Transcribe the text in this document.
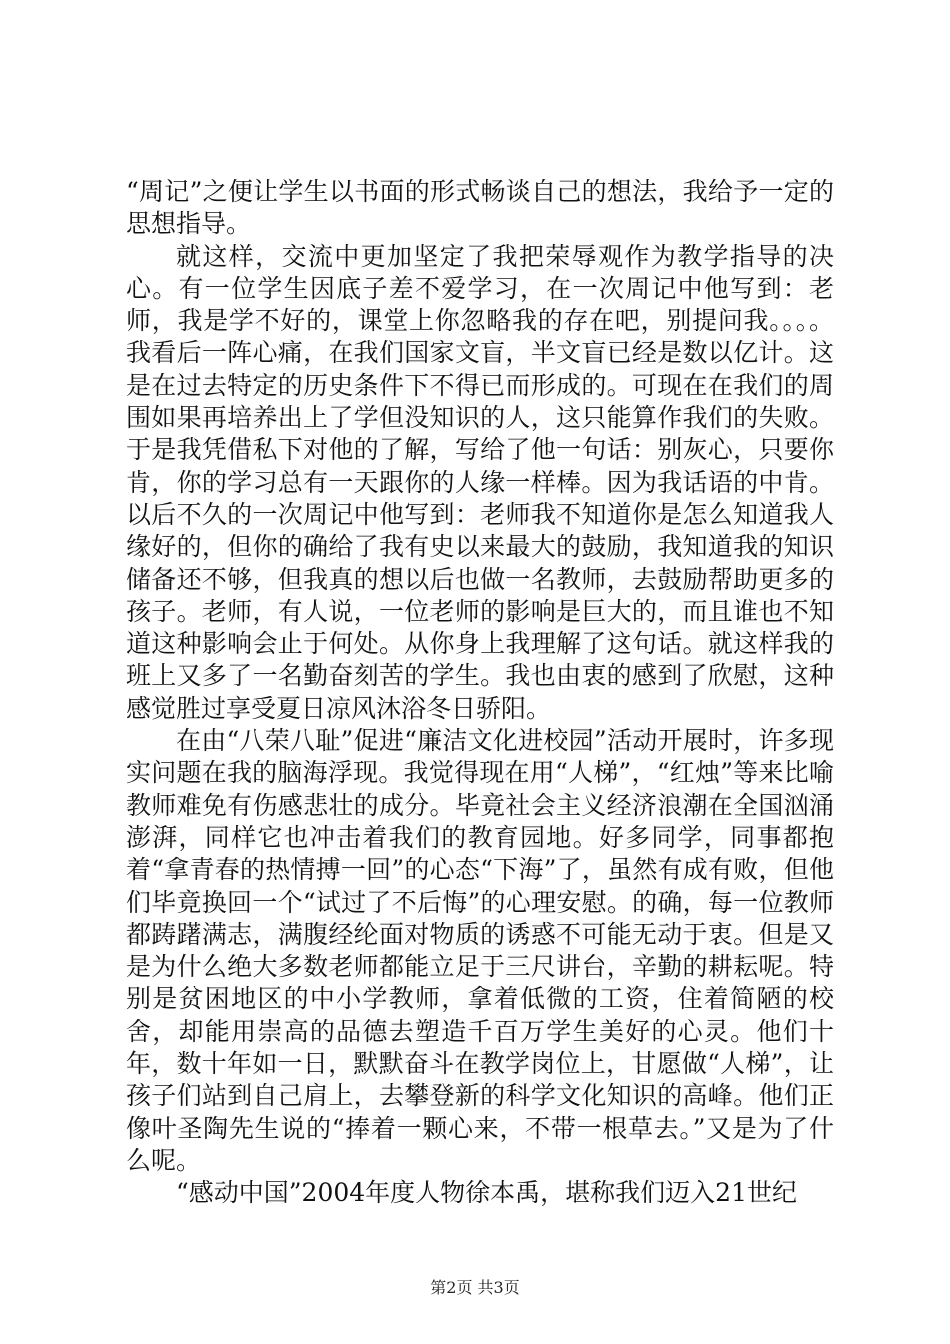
“周记”之便让学生以书面的形式畅谈自己的想法，我给予一定的思想指导。

就这样，交流中更加坚定了我把荣辱观作为教学指导的决心。有一位学生因底子差不爱学习，在一次周记中他写到：老师，我是学不好的，课堂上你忽略我的存在吧，别提问我。。。。我看后一阵心痛，在我们国家文盲，半文盲已经是数以亿计。这是在过去特定的历史条件下不得已而形成的。可现在在我们的周围如果再培养出上了学但没知识的人，这只能算作我们的失败。于是我凭借私下对他的了解，写给了他一句话：别灰心，只要你肯，你的学习总有一天跟你的人缘一样棒。因为我话语的中肯。以后不久的一次周记中他写到：老师我不知道你是怎么知道我人缘好的，但你的确给了我有史以来最大的鼓励，我知道我的知识储备还不够，但我真的想以后也做一名教师，去鼓励帮助更多的孩子。老师，有人说，一位老师的影响是巨大的，而且谁也不知道这种影响会止于何处。从你身上我理解了这句话。就这样我的班上又多了一名勤奋刻苦的学生。我也由衷的感到了欣慰，这种感觉胜过享受夏日凉风沐浴冬日骄阳。

在由“八荣八耻”促进“廉洁文化进校园”活动开展时，许多现实问题在我的脑海浮现。我觉得现在用“人梯”，“红烛”等来比喻教师难免有伤感悲壮的成分。毕竟社会主义经济浪潮在全国汹涌澎湃，同样它也冲击着我们的教育园地。好多同学，同事都抱着“拿青春的热情搏一回”的心态“下海”了，虽然有成有败，但他们毕竟换回一个“试过了不后悔”的心理安慰。的确，每一位教师都踌躇满志，满腹经纶面对物质的诱惑不可能无动于衷。但是又是为什么绝大多数老师都能立足于三尺讲台，辛勤的耕耘呢。特别是贫困地区的中小学教师，拿着低微的工资，住着简陋的校舍，却能用崇高的品德去塑造千百万学生美好的心灵。他们十年，数十年如一日，默默奋斗在教学岗位上，甘愿做“人梯”，让孩子们站到自己肩上，去攀登新的科学文化知识的高峰。他们正像叶圣陶先生说的“捧着一颗心来，不带一根草去。”又是为了什么呢。

“感动中国”2004年度人物徐本禹，堪称我们迈入21世纪

第2页 共3页
